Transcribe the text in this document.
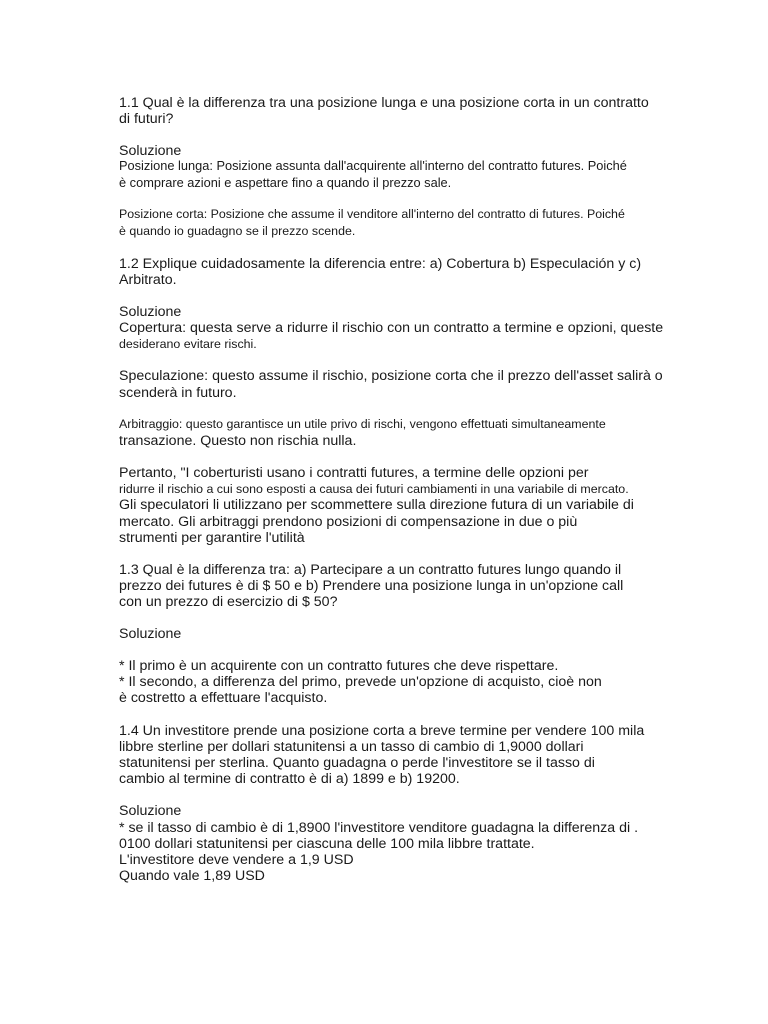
1.1 Qual è la differenza tra una posizione lunga e una posizione corta in un contratto

di futuri?

Soluzione

Posizione lunga: Posizione assunta dall'acquirente all'interno del contratto futures. Poiché

è comprare azioni e aspettare fino a quando il prezzo sale.

Posizione corta: Posizione che assume il venditore all'interno del contratto di futures. Poiché

è quando io guadagno se il prezzo scende.

1.2 Explique cuidadosamente la diferencia entre: a) Cobertura b) Especulación y c)

Arbitrato.

Soluzione

Copertura: questa serve a ridurre il rischio con un contratto a termine e opzioni, queste

desiderano evitare rischi.

Speculazione: questo assume il rischio, posizione corta che il prezzo dell'asset salirà o

scenderà in futuro.

Arbitraggio: questo garantisce un utile privo di rischi, vengono effettuati simultaneamente

transazione. Questo non rischia nulla.

Pertanto, "I coberturisti usano i contratti futures, a termine delle opzioni per

ridurre il rischio a cui sono esposti a causa dei futuri cambiamenti in una variabile di mercato.

Gli speculatori li utilizzano per scommettere sulla direzione futura di un variabile di

mercato. Gli arbitraggi prendono posizioni di compensazione in due o più

strumenti per garantire l'utilità

1.3 Qual è la differenza tra: a) Partecipare a un contratto futures lungo quando il

prezzo dei futures è di $ 50 e b) Prendere una posizione lunga in un'opzione call

con un prezzo di esercizio di $ 50?

Soluzione

* Il primo è un acquirente con un contratto futures che deve rispettare.

* Il secondo, a differenza del primo, prevede un'opzione di acquisto, cioè non

è costretto a effettuare l'acquisto.

1.4 Un investitore prende una posizione corta a breve termine per vendere 100 mila

libbre sterline per dollari statunitensi a un tasso di cambio di 1,9000 dollari

statunitensi per sterlina. Quanto guadagna o perde l'investitore se il tasso di

cambio al termine di contratto è di a) 1899 e b) 19200.

Soluzione

* se il tasso di cambio è di 1,8900 l'investitore venditore guadagna la differenza di .

0100 dollari statunitensi per ciascuna delle 100 mila libbre trattate.

L'investitore deve vendere a 1,9 USD

Quando vale 1,89 USD
